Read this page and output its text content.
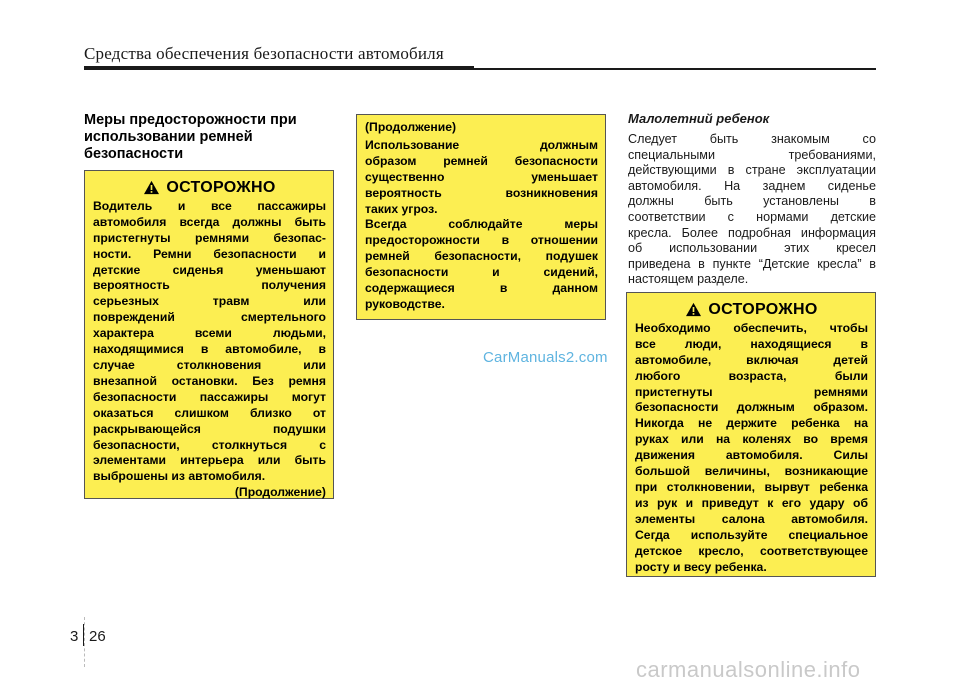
Средства обеспечения безопасности автомобиля
Меры предосторожности при
использовании ремней
безопасности
ОСТОРОЖНО
Водитель и все пассажиры
автомобиля всегда должны быть
пристегнуты ремнями безопас-
ности. Ремни безопасности и
детские сиденья уменьшают
вероятность получения
серьезных травм или
повреждений смертельного
характера всеми людьми,
находящимися в автомобиле, в
случае столкновения или
внезапной остановки. Без ремня
безопасности пассажиры могут
оказаться слишком близко от
раскрывающейся подушки
безопасности, столкнуться с
элементами интерьера или быть
выброшены из автомобиля.
(Продолжение)
(Продолжение)
Использование должным
образом ремней безопасности
существенно уменьшает
вероятность возникновения
таких угроз.
Всегда соблюдайте меры
предосторожности в отношении
ремней безопасности, подушек
безопасности и сидений,
содержащиеся в данном
руководстве.
Малолетний ребенок
Следует быть знакомым со
специальными требованиями,
действующими в стране эксплуатации
автомобиля. На заднем сиденье
должны быть установлены в
соответствии с нормами детские
кресла. Более подробная информация
об использовании этих кресел
приведена в пункте “Детские кресла” в
настоящем разделе.
ОСТОРОЖНО
Необходимо обеспечить, чтобы
все люди, находящиеся в
автомобиле, включая детей
любого возраста, были
пристегнуты ремнями
безопасности должным образом.
Никогда не держите ребенка на
руках или на коленях во время
движения автомобиля. Силы
большой величины, возникающие
при столкновении, вырвут ребенка
из рук и приведут к его удару об
элементы салона автомобиля.
Сегда используйте специальное
детское кресло, соответствующее
росту и весу ребенка.
CarManuals2.com
3 26
carmanualsonline.info
